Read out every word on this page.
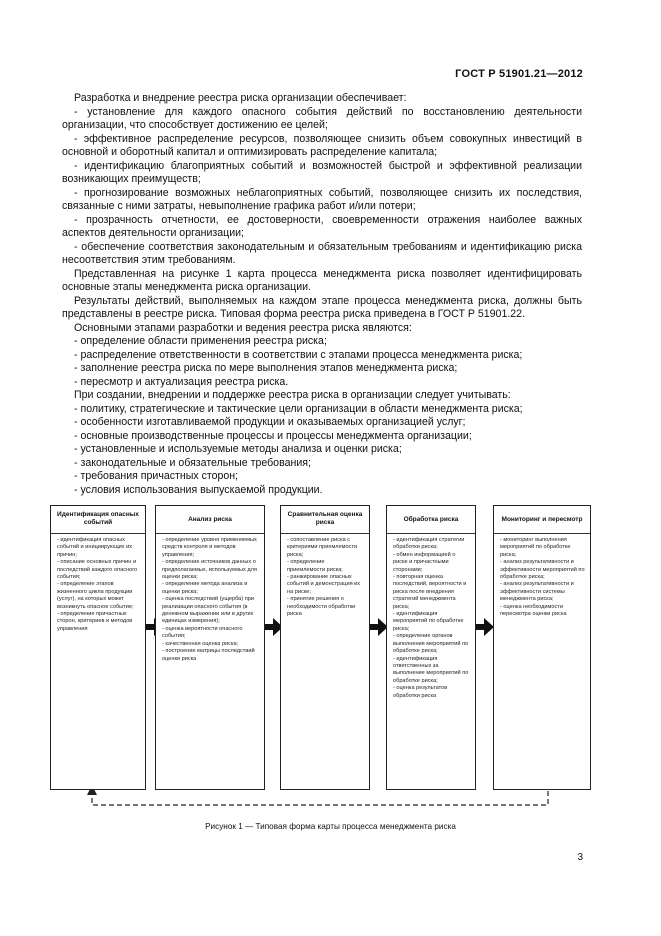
ГОСТ Р 51901.21—2012

Разработка и внедрение реестра риска организации обеспечивает:

- установление для каждого опасного события действий по восстановлению деятельности организации, что способствует достижению ее целей;

- эффективное распределение ресурсов, позволяющее снизить объем совокупных инвестиций в основной и оборотный капитал и оптимизировать распределение капитала;

- идентификацию благоприятных событий и возможностей быстрой и эффективной реализации возникающих преимуществ;

- прогнозирование возможных неблагоприятных событий, позволяющее снизить их последствия, связанные с ними затраты, невыполнение графика работ и/или потери;

- прозрачность отчетности, ее достоверности, своевременности отражения наиболее важных аспектов деятельности организации;

- обеспечение соответствия законодательным и обязательным требованиям и идентификацию риска несоответствия этим требованиям.

Представленная на рисунке 1 карта процесса менеджмента риска позволяет идентифицировать основные этапы менеджмента риска организации.

Результаты действий, выполняемых на каждом этапе процесса менеджмента риска, должны быть представлены в реестре риска. Типовая форма реестра риска приведена в ГОСТ Р 51901.22.

Основными этапами разработки и ведения реестра риска являются:

- определение области применения реестра риска;

- распределение ответственности в соответствии с этапами процесса менеджмента риска;

- заполнение реестра риска по мере выполнения этапов менеджмента риска;

- пересмотр и актуализация реестра риска.

При создании, внедрении и поддержке реестра риска в организации следует учитывать:

- политику, стратегические и тактические цели организации в области менеджмента риска;

- особенности изготавливаемой продукции и оказываемых организацией услуг;

- основные производственные процессы и процессы менеджмента организации;

- установленные и используемые методы анализа и оценки риска;

- законодательные и обязательные требования;

- требования причастных сторон;

- условия использования выпускаемой продукции.

Идентификация опасных событий

- идентификация опасных событий и инициирующих их причин;

- описание основных причин и последствий каждого опасного события;

- определение этапов жизненного цикла продукции (услуг), на которых может возникнуть опасное событие;

- определение причастных сторон, критериев и методов управления

Анализ риска

- определение уровня применяемых средств контроля и методов управления;

- определение источников данных о предполагаемых, используемых для оценки риска;

- определение метода анализа и оценки риска;

- оценка последствий (ущерба) при реализации опасного события (в денежном выражении или в других единицах измерения);

- оценка вероятности опасного события;

- качественная оценка риска;

- построение матрицы последствий оценки риска

Сравнительная оценка риска

- сопоставление риска с критериями приемлемости риска;

- определение приемлемости риска;

- ранжирование опасных событий и демонстрация их на риске;

- принятие решения о необходимости обработки риска

Обработка риска

- идентификация стратегии обработки риска;

- обмен информацией о риске и причастными сторонами;

- повторная оценка последствий, вероятности и риска после внедрения стратегий менеджмента риска;

- идентификация мероприятий по обработке риска;

- определение органов выполнения мероприятий по обработке риска;

- идентификация ответственных за выполнение мероприятий по обработке риска;

- оценка результатов обработки риска

Мониторинг и пересмотр

- мониторинг выполнения мероприятий по обработке риска;

- анализ результативности и эффективности мероприятий по обработке риска;

- анализ результативности и эффективности системы менеджмента риска;

- оценка необходимости пересмотра оценки риска

Рисунок 1 — Типовая форма карты процесса менеджмента риска
3
